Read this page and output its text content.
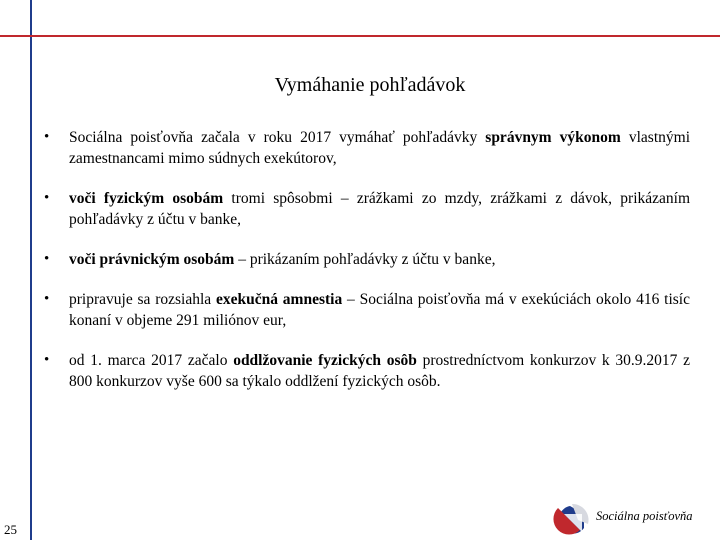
Vymáhanie pohľadávok
• Sociálna poisťovňa začala v roku 2017 vymáhať pohľadávky správnym výkonom vlastnými zamestnancami mimo súdnych exekútorov,
• voči fyzickým osobám tromi spôsobmi – zrážkami zo mzdy, zrážkami z dávok, prikázaním pohľadávky z účtu v banke,
• voči právnickým osobám – prikázaním pohľadávky z účtu v banke,
• pripravuje sa rozsiahla exekučná amnestia – Sociálna poisťovňa má v exekúciách okolo 416 tisíc konaní v objeme 291 miliónov eur,
• od 1. marca 2017 začalo oddlžovanie fyzických osôb prostredníctvom konkurzov k 30.9.2017 z 800 konkurzov vyše 600 sa týkalo oddlžení fyzických osôb.
25
Sociálna poisťovňa
